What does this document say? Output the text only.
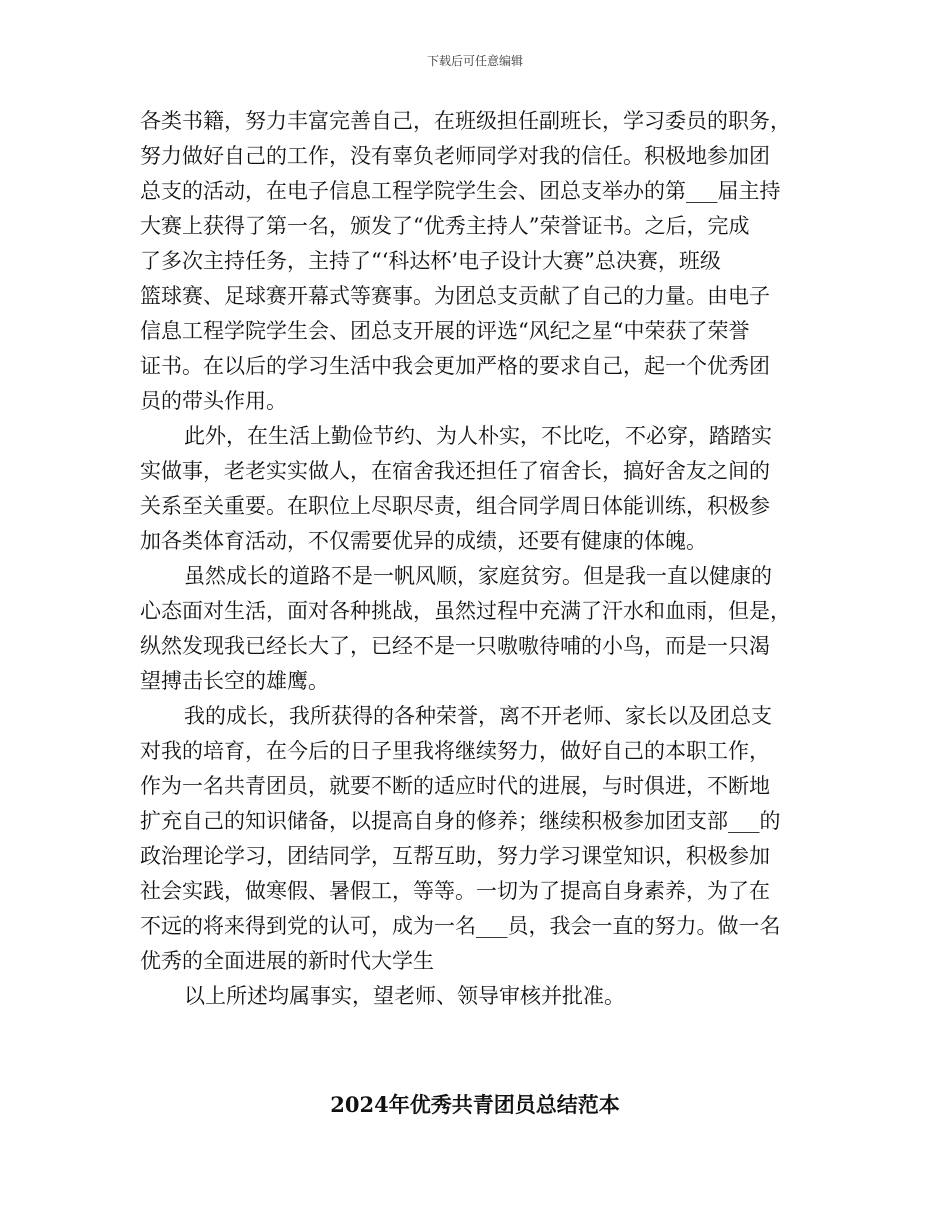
下载后可任意编辑
各类书籍，努力丰富完善自己，在班级担任副班长，学习委员的职务，
努力做好自己的工作，没有辜负老师同学对我的信任。积极地参加团
总支的活动，在电子信息工程学院学生会、团总支举办的第___届主持
大赛上获得了第一名，颁发了“优秀主持人”荣誉证书。之后，完成
了多次主持任务，主持了“‘科达杯’电子设计大赛”总决赛，班级
篮球赛、足球赛开幕式等赛事。为团总支贡献了自己的力量。由电子
信息工程学院学生会、团总支开展的评选“风纪之星“中荣获了荣誉
证书。在以后的学习生活中我会更加严格的要求自己，起一个优秀团
员的带头作用。
此外，在生活上勤俭节约、为人朴实，不比吃，不必穿，踏踏实
实做事，老老实实做人，在宿舍我还担任了宿舍长，搞好舍友之间的
关系至关重要。在职位上尽职尽责，组合同学周日体能训练，积极参
加各类体育活动，不仅需要优异的成绩，还要有健康的体魄。
虽然成长的道路不是一帆风顺，家庭贫穷。但是我一直以健康的
心态面对生活，面对各种挑战，虽然过程中充满了汗水和血雨，但是，
纵然发现我已经长大了，已经不是一只嗷嗷待哺的小鸟，而是一只渴
望搏击长空的雄鹰。
我的成长，我所获得的各种荣誉，离不开老师、家长以及团总支
对我的培育，在今后的日子里我将继续努力，做好自己的本职工作，
作为一名共青团员，就要不断的适应时代的进展，与时俱进，不断地
扩充自己的知识储备，以提高自身的修养；继续积极参加团支部___的
政治理论学习，团结同学，互帮互助，努力学习课堂知识，积极参加
社会实践，做寒假、暑假工，等等。一切为了提高自身素养，为了在
不远的将来得到党的认可，成为一名___员，我会一直的努力。做一名
优秀的全面进展的新时代大学生
以上所述均属事实，望老师、领导审核并批准。
2024年优秀共青团员总结范本
